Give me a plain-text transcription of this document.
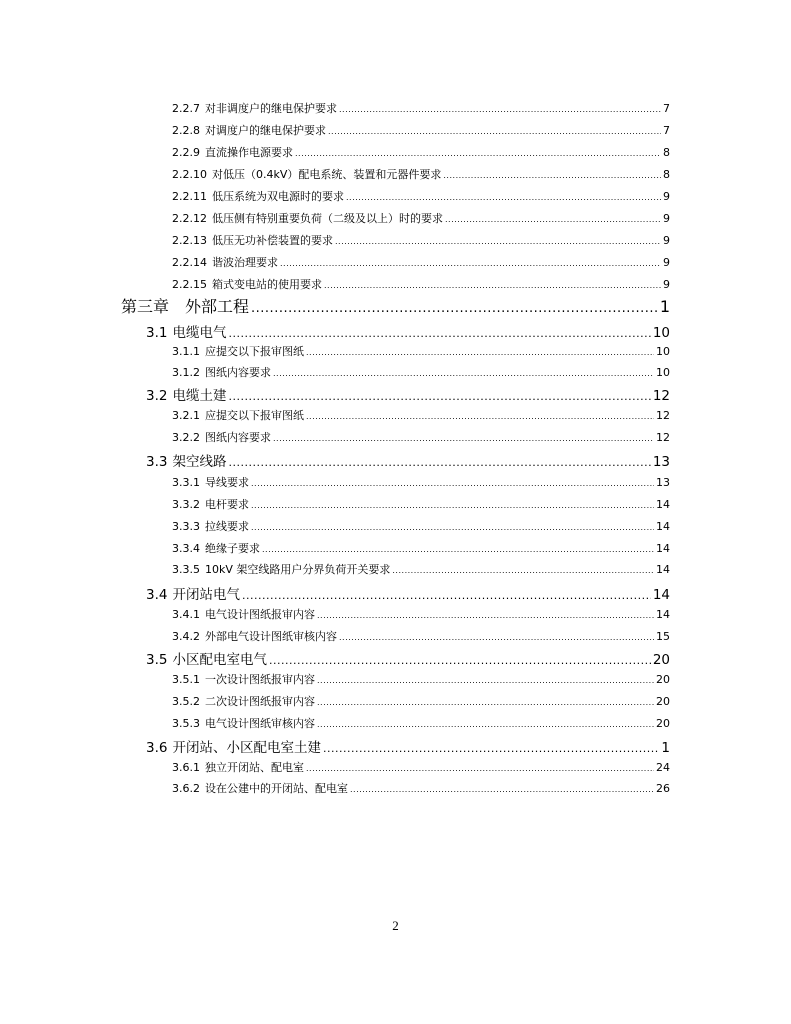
2.2.7 对非调度户的继电保护要求 .....	7
2.2.8 对调度户的继电保护要求 .....	7
2.2.9 直流操作电源要求 .....	8
2.2.10 对低压（0.4kV）配电系统、装置和元器件要求 .....	8
2.2.11 低压系统为双电源时的要求 .....	9
2.2.12 低压侧有特别重要负荷（二级及以上）时的要求 .....	9
2.2.13 低压无功补偿装置的要求 .....	9
2.2.14 谐波治理要求 .....	9
2.2.15 箱式变电站的使用要求 .....	9
第三章 外部工程 .....	1
3.1 电缆电气 .....	10
3.1.1 应提交以下报审图纸 .....	10
3.1.2 图纸内容要求 .....	10
3.2 电缆土建 .....	12
3.2.1 应提交以下报审图纸 .....	12
3.2.2 图纸内容要求 .....	12
3.3 架空线路 .....	13
3.3.1 导线要求 .....	13
3.3.2 电杆要求 .....	14
3.3.3 拉线要求 .....	14
3.3.4 绝缘子要求 .....	14
3.3.5 10kV 架空线路用户分界负荷开关要求 .....	14
3.4 开闭站电气 .....	14
3.4.1 电气设计图纸报审内容 .....	14
3.4.2 外部电气设计图纸审核内容 .....	15
3.5 小区配电室电气 .....	20
3.5.1 一次设计图纸报审内容 .....	20
3.5.2 二次设计图纸报审内容 .....	20
3.5.3 电气设计图纸审核内容 .....	20
3.6 开闭站、小区配电室土建 .....	1
3.6.1 独立开闭站、配电室 .....	24
3.6.2 设在公建中的开闭站、配电室 .....	26
2
